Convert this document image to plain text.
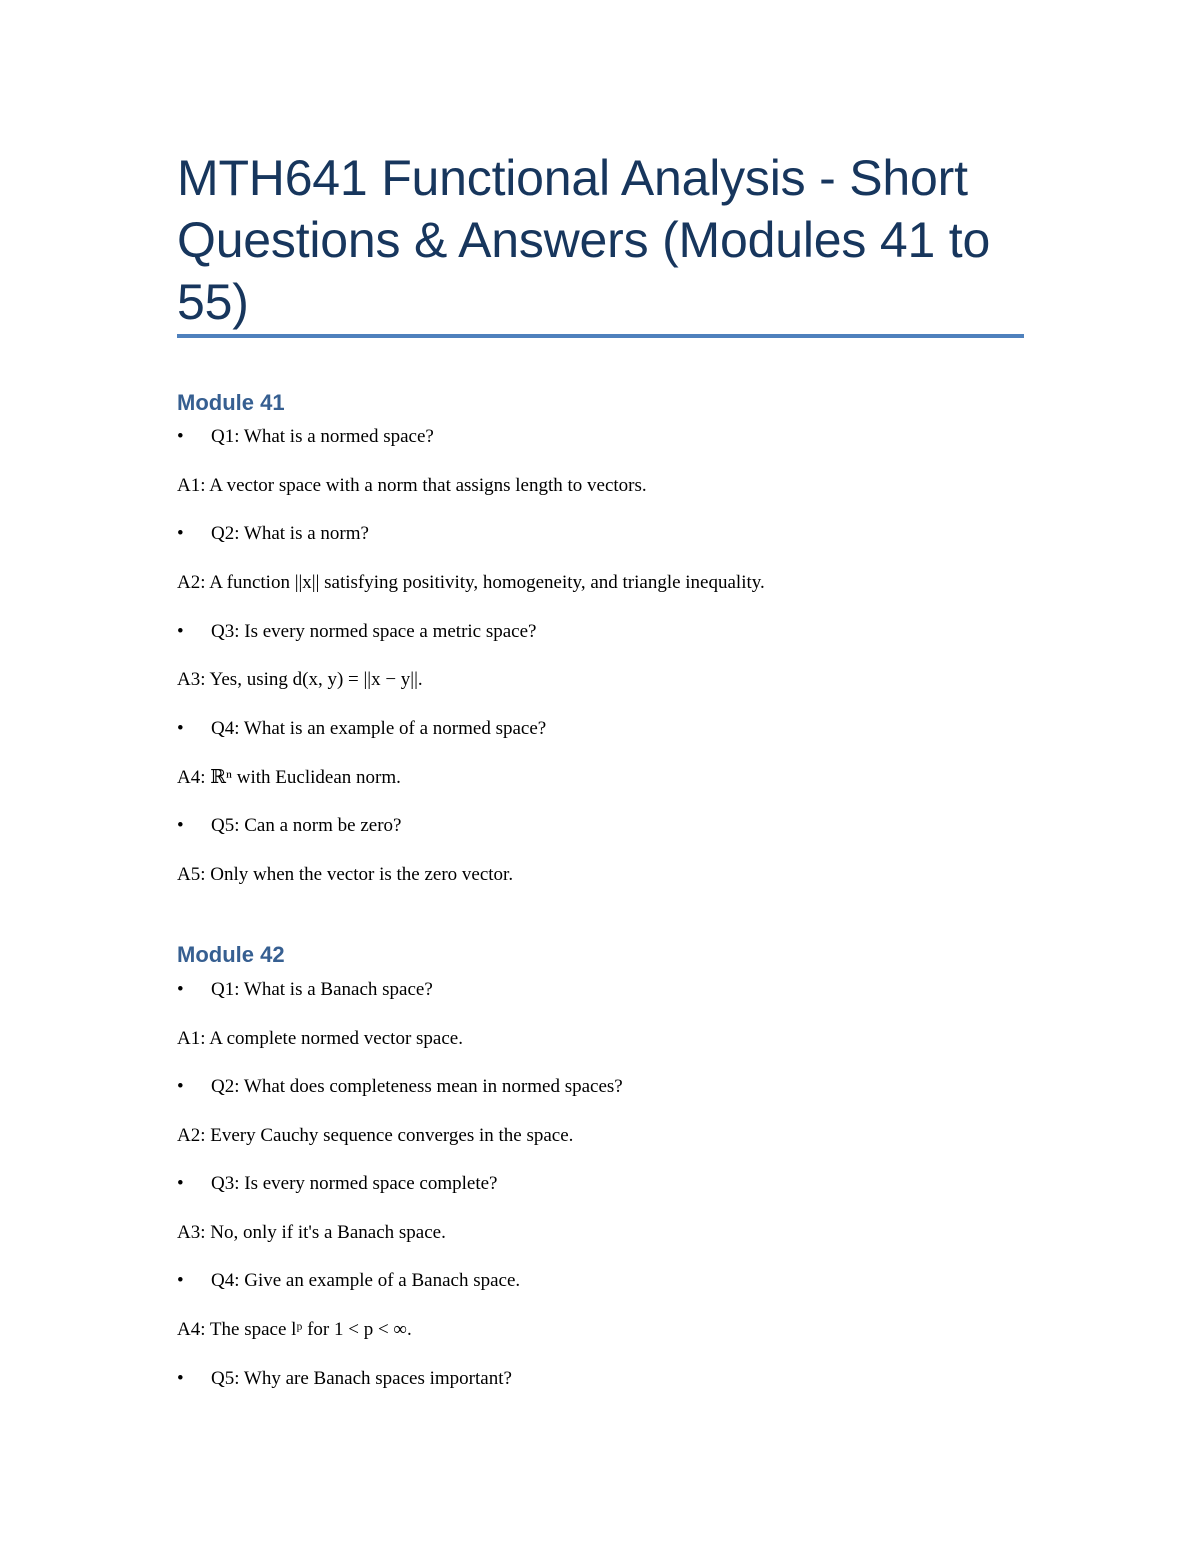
MTH641 Functional Analysis - Short Questions & Answers (Modules 41 to 55)
Module 41
•	Q1: What is a normed space?
A1: A vector space with a norm that assigns length to vectors.
•	Q2: What is a norm?
A2: A function ||x|| satisfying positivity, homogeneity, and triangle inequality.
•	Q3: Is every normed space a metric space?
A3: Yes, using d(x, y) = ||x − y||.
•	Q4: What is an example of a normed space?
A4: ℝⁿ with Euclidean norm.
•	Q5: Can a norm be zero?
A5: Only when the vector is the zero vector.
Module 42
•	Q1: What is a Banach space?
A1: A complete normed vector space.
•	Q2: What does completeness mean in normed spaces?
A2: Every Cauchy sequence converges in the space.
•	Q3: Is every normed space complete?
A3: No, only if it's a Banach space.
•	Q4: Give an example of a Banach space.
A4: The space lᵖ for 1 < p < ∞.
•	Q5: Why are Banach spaces important?
